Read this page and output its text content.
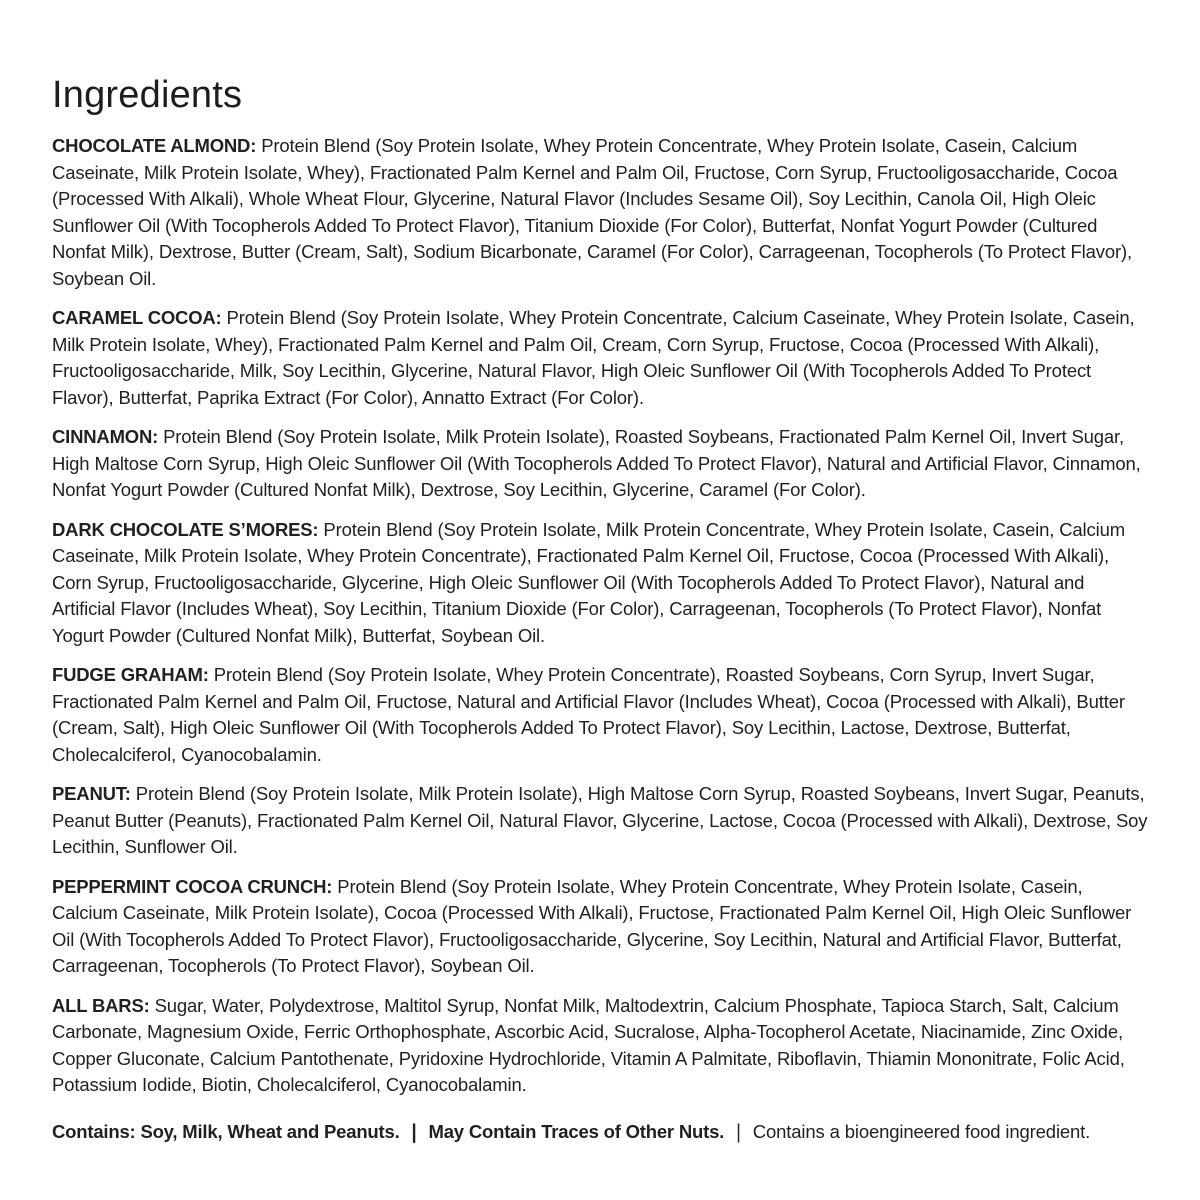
Ingredients

CHOCOLATE ALMOND: Protein Blend (Soy Protein Isolate, Whey Protein Concentrate, Whey Protein Isolate, Casein, Calcium Caseinate, Milk Protein Isolate, Whey), Fractionated Palm Kernel and Palm Oil, Fructose, Corn Syrup, Fructooligosaccharide, Cocoa (Processed With Alkali), Whole Wheat Flour, Glycerine, Natural Flavor (Includes Sesame Oil), Soy Lecithin, Canola Oil, High Oleic Sunflower Oil (With Tocopherols Added To Protect Flavor), Titanium Dioxide (For Color), Butterfat, Nonfat Yogurt Powder (Cultured Nonfat Milk), Dextrose, Butter (Cream, Salt), Sodium Bicarbonate, Caramel (For Color), Carrageenan, Tocopherols (To Protect Flavor), Soybean Oil.

CARAMEL COCOA: Protein Blend (Soy Protein Isolate, Whey Protein Concentrate, Calcium Caseinate, Whey Protein Isolate, Casein, Milk Protein Isolate, Whey), Fractionated Palm Kernel and Palm Oil, Cream, Corn Syrup, Fructose, Cocoa (Processed With Alkali), Fructooligosaccharide, Milk, Soy Lecithin, Glycerine, Natural Flavor, High Oleic Sunflower Oil (With Tocopherols Added To Protect Flavor), Butterfat, Paprika Extract (For Color), Annatto Extract (For Color).

CINNAMON: Protein Blend (Soy Protein Isolate, Milk Protein Isolate), Roasted Soybeans, Fractionated Palm Kernel Oil, Invert Sugar, High Maltose Corn Syrup, High Oleic Sunflower Oil (With Tocopherols Added To Protect Flavor), Natural and Artificial Flavor, Cinnamon, Nonfat Yogurt Powder (Cultured Nonfat Milk), Dextrose, Soy Lecithin, Glycerine, Caramel (For Color).

DARK CHOCOLATE S’MORES: Protein Blend (Soy Protein Isolate, Milk Protein Concentrate, Whey Protein Isolate, Casein, Calcium Caseinate, Milk Protein Isolate, Whey Protein Concentrate), Fractionated Palm Kernel Oil, Fructose, Cocoa (Processed With Alkali), Corn Syrup, Fructooligosaccharide, Glycerine, High Oleic Sunflower Oil (With Tocopherols Added To Protect Flavor), Natural and Artificial Flavor (Includes Wheat), Soy Lecithin, Titanium Dioxide (For Color), Carrageenan, Tocopherols (To Protect Flavor), Nonfat Yogurt Powder (Cultured Nonfat Milk), Butterfat, Soybean Oil.

FUDGE GRAHAM: Protein Blend (Soy Protein Isolate, Whey Protein Concentrate), Roasted Soybeans, Corn Syrup, Invert Sugar, Fractionated Palm Kernel and Palm Oil, Fructose, Natural and Artificial Flavor (Includes Wheat), Cocoa (Processed with Alkali), Butter (Cream, Salt), High Oleic Sunflower Oil (With Tocopherols Added To Protect Flavor), Soy Lecithin, Lactose, Dextrose, Butterfat, Cholecalciferol, Cyanocobalamin.

PEANUT: Protein Blend (Soy Protein Isolate, Milk Protein Isolate), High Maltose Corn Syrup, Roasted Soybeans, Invert Sugar, Peanuts, Peanut Butter (Peanuts), Fractionated Palm Kernel Oil, Natural Flavor, Glycerine, Lactose, Cocoa (Processed with Alkali), Dextrose, Soy Lecithin, Sunflower Oil.

PEPPERMINT COCOA CRUNCH: Protein Blend (Soy Protein Isolate, Whey Protein Concentrate, Whey Protein Isolate, Casein, Calcium Caseinate, Milk Protein Isolate), Cocoa (Processed With Alkali), Fructose, Fractionated Palm Kernel Oil, High Oleic Sunflower Oil (With Tocopherols Added To Protect Flavor), Fructooligosaccharide, Glycerine, Soy Lecithin, Natural and Artificial Flavor, Butterfat, Carrageenan, Tocopherols (To Protect Flavor), Soybean Oil.

ALL BARS: Sugar, Water, Polydextrose, Maltitol Syrup, Nonfat Milk, Maltodextrin, Calcium Phosphate, Tapioca Starch, Salt, Calcium Carbonate, Magnesium Oxide, Ferric Orthophosphate, Ascorbic Acid, Sucralose, Alpha-Tocopherol Acetate, Niacinamide, Zinc Oxide, Copper Gluconate, Calcium Pantothenate, Pyridoxine Hydrochloride, Vitamin A Palmitate, Riboflavin, Thiamin Mononitrate, Folic Acid, Potassium Iodide, Biotin, Cholecalciferol, Cyanocobalamin.

Contains: Soy, Milk, Wheat and Peanuts. | May Contain Traces of Other Nuts. | Contains a bioengineered food ingredient.
